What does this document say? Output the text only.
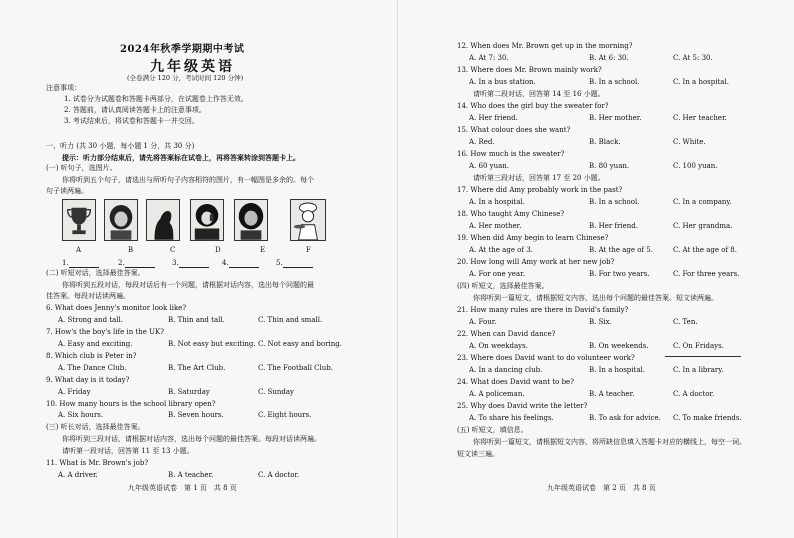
2024年秋季学期期中考试
九年级英语
(全卷满分 120 分，考试时间 120 分钟)
注意事项：
1. 试卷分为试题卷和答题卡两部分，在试题卷上作答无效。
2. 答题前，请认真阅读答题卡上的注意事项。
3. 考试结束后，将试卷和答题卡一并交回。
一、听力 (共 30 小题，每小题 1 分，共 30 分)
提示：听力部分结束后，请先将答案标在试卷上，再将答案转涂到答题卡上。
(一) 听句子，选图片。
你将听到五个句子，请选出与所听句子内容相符的图片，有一幅图是多余的。每个
句子读两遍。
A	B	C	D	E	F
1.	2.	3.	4.	5.
(二) 听短对话，选择最佳答案。
你将听到五段对话，每段对话后有一个问题，请根据对话内容，选出每个问题的最
佳答案。每段对话读两遍。
6. What does Jenny's monitor look like?
A. Strong and tall.	B. Thin and tall.	C. Thin and small.
7. How's the boy's life in the UK?
A. Easy and exciting.	B. Not easy but exciting. C. Not easy and boring.
8. Which club is Peter in?
A. The Dance Club.	B. The Art Club.	C. The Football Club.
9. What day is it today?
A. Friday	B. Saturday	C. Sunday
10. How many hours is the school library open?
A. Six hours.	B. Seven hours.	C. Eight hours.
(三) 听长对话，选择最佳答案。
你将听到三段对话，请根据对话内容，选出每个问题的最佳答案。每段对话读两遍。
请听第一段对话，回答第 11 至 13 小题。
11. What is Mr. Brown's job?
A. A driver.	B. A teacher.	C. A doctor.
九年级英语试卷　第 1 页　共 8 页
12. When does Mr. Brown get up in the morning?
A. At 7: 30.	B. At 6: 30.	C. At 5: 30.
13. Where does Mr. Brown mainly work?
A. In a bus station.	B. In a school.	C. In a hospital.
请听第二段对话，回答第 14 至 16 小题。
14. Who does the girl buy the sweater for?
A. Her friend.	B. Her mother.	C. Her teacher.
15. What colour does she want?
A. Red.	B. Black.	C. White.
16. How much is the sweater?
A. 60 yuan.	B. 80 yuan.	C. 100 yuan.
请听第三段对话，回答第 17 至 20 小题。
17. Where did Amy probably work in the past?
A. In a hospital.	B. In a school.	C. In a company.
18. Who taught Amy Chinese?
A. Her mother.	B. Her friend.	C. Her grandma.
19. When did Amy begin to learn Chinese?
A. At the age of 3.	B. At the age of 5.	C. At the age of 8.
20. How long will Amy work at her new job?
A. For one year.	B. For two years.	C. For three years.
(四) 听短文，选择最佳答案。
你将听到一篇短文，请根据短文内容，选出每个问题的最佳答案。短文读两遍。
21. How many rules are there in David's family?
A. Four.	B. Six.	C. Ten.
22. When can David dance?
A. On weekdays.	B. On weekends.	C. On Fridays.
23. Where does David want to do volunteer work?
A. In a dancing club.	B. In a hospital.	C. In a library.
24. What does David want to be?
A. A policeman.	B. A teacher.	C. A doctor.
25. Why does David write the letter?
A. To share his feelings.	B. To ask for advice. C. To make friends.
(五) 听短文，填信息。
你将听到一篇短文，请根据短文内容，将所缺信息填入答题卡对应的横线上，每空一词。
短文读三遍。
九年级英语试卷　第 2 页　共 8 页
